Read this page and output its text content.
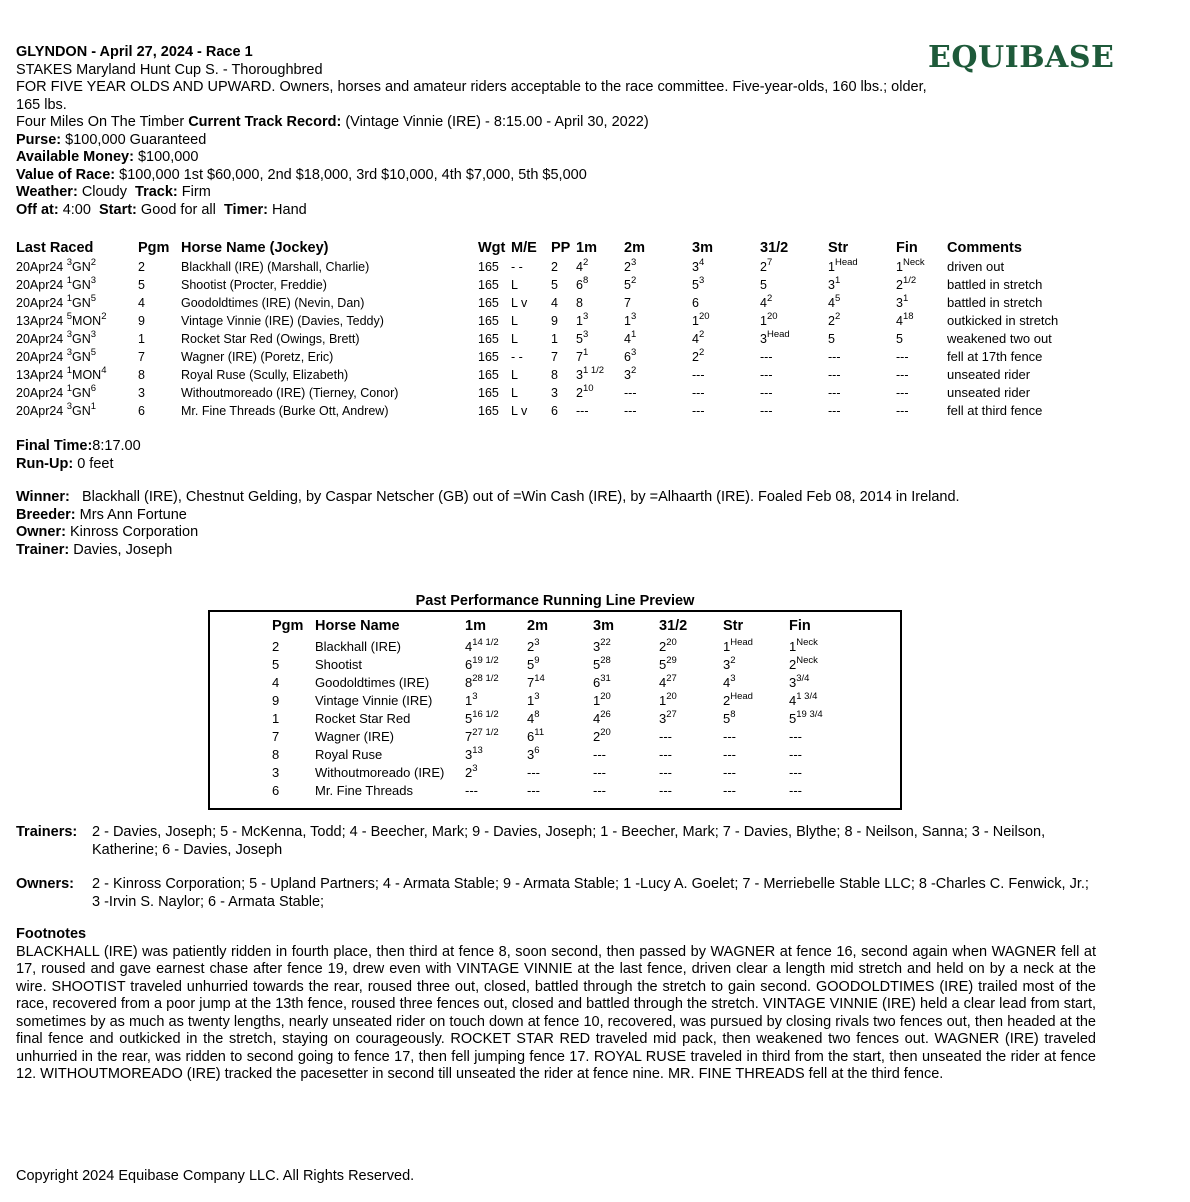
GLYNDON - April 27, 2024 - Race 1
STAKES Maryland Hunt Cup S. - Thoroughbred
FOR FIVE YEAR OLDS AND UPWARD. Owners, horses and amateur riders acceptable to the race committee. Five-year-olds, 160 lbs.; older, 165 lbs.
Four Miles On The Timber Current Track Record: (Vintage Vinnie (IRE) - 8:15.00 - April 30, 2022)
Purse: $100,000 Guaranteed
Available Money: $100,000
Value of Race: $100,000 1st $60,000, 2nd $18,000, 3rd $10,000, 4th $7,000, 5th $5,000
Weather: Cloudy Track: Firm
Off at: 4:00 Start: Good for all Timer: Hand
EQUIBASE
Last Raced	Pgm	Horse Name (Jockey)	Wgt	M/E	PP	1m	2m	3m	31/2	Str	Fin	Comments
20Apr24 $^3GN^2$	2	Blackhall (IRE) (Marshall, Charlie)	165	- -	2	$4^2$	$2^3$	$3^4$	$2^7$	$1^{Head}$	$1^{Neck}$	driven out
20Apr24 $^1GN^3$	5	Shootist (Procter, Freddie)	165	L	5	$6^8$	$5^2$	$5^3$	5	$3^1$	$2^{1/2}$	battled in stretch
20Apr24 $^1GN^5$	4	Goodoldtimes (IRE) (Nevin, Dan)	165	L v	4	8	7	6	$4^2$	$4^5$	$3^1$	battled in stretch
13Apr24 $^5$MON$^2$	9	Vintage Vinnie (IRE) (Davies, Teddy)	165	L	9	$1^3$	$1^3$	$1^{20}$	$1^{20}$	$2^2$	$4^{18}$	outkicked in stretch
20Apr24 $^3GN^3$	1	Rocket Star Red (Owings, Brett)	165	L	1	$5^3$	$4^1$	$4^2$	$3^{Head}$	5	5	weakened two out
20Apr24 $^3GN^5$	7	Wagner (IRE) (Poretz, Eric)	165	- -	7	$7^1$	$6^3$	$2^2$	---	---	---	fell at 17th fence
13Apr24 $^1$MON$^4$	8	Royal Ruse (Scully, Elizabeth)	165	L	8	$3^{1 1/2}$	$3^2$	---	---	---	---	unseated rider
20Apr24 $^1GN^6$	3	Withoutmoreado (IRE) (Tierney, Conor)	165	L	3	$2^{10}$	---	---	---	---	---	unseated rider
20Apr24 $^3GN^1$	6	Mr. Fine Threads (Burke Ott, Andrew)	165	L v	6	---	---	---	---	---	---	fell at third fence
Final Time:8:17.00
Run-Up: 0 feet
Winner: Blackhall (IRE), Chestnut Gelding, by Caspar Netscher (GB) out of =Win Cash (IRE), by =Alhaarth (IRE). Foaled Feb 08, 2014 in Ireland.
Breeder: Mrs Ann Fortune
Owner: Kinross Corporation
Trainer: Davies, Joseph
Past Performance Running Line Preview
Pgm	Horse Name	1m	2m	3m	31/2	Str	Fin
2	Blackhall (IRE)	$4^{14 1/2}$	$2^3$	$3^{22}$	$2^{20}$	$1^{Head}$	$1^{Neck}$
5	Shootist	$6^{19 1/2}$	$5^9$	$5^{28}$	$5^{29}$	$3^2$	$2^{Neck}$
4	Goodoldtimes (IRE)	$8^{28 1/2}$	$7^{14}$	$6^{31}$	$4^{27}$	$4^3$	$3^{3/4}$
9	Vintage Vinnie (IRE)	$1^3$	$1^3$	$1^{20}$	$1^{20}$	$2^{Head}$	$4^{1 3/4}$
1	Rocket Star Red	$5^{16 1/2}$	$4^8$	$4^{26}$	$3^{27}$	$5^8$	$5^{19 3/4}$
7	Wagner (IRE)	$7^{27 1/2}$	$6^{11}$	$2^{20}$	---	---	---
8	Royal Ruse	$3^{13}$	$3^6$	---	---	---	---
3	Withoutmoreado (IRE)	$2^3$	---	---	---	---	---
6	Mr. Fine Threads	---	---	---	---	---	---
Trainers:	2 - Davies, Joseph; 5 - McKenna, Todd; 4 - Beecher, Mark; 9 - Davies, Joseph; 1 - Beecher, Mark; 7 - Davies, Blythe; 8 - Neilson, Sanna; 3 - Neilson, Katherine; 6 - Davies, Joseph
Owners:	2 - Kinross Corporation; 5 - Upland Partners; 4 - Armata Stable; 9 - Armata Stable; 1 -Lucy A. Goelet; 7 - Merriebelle Stable LLC; 8 -Charles C. Fenwick, Jr.; 3 -Irvin S. Naylor; 6 - Armata Stable;
Footnotes
BLACKHALL (IRE) was patiently ridden in fourth place, then third at fence 8, soon second, then passed by WAGNER at fence 16, second again when WAGNER fell at 17, roused and gave earnest chase after fence 19, drew even with VINTAGE VINNIE at the last fence, driven clear a length mid stretch and held on by a neck at the wire. SHOOTIST traveled unhurried towards the rear, roused three out, closed, battled through the stretch to gain second. GOODOLDTIMES (IRE) trailed most of the race, recovered from a poor jump at the 13th fence, roused three fences out, closed and battled through the stretch. VINTAGE VINNIE (IRE) held a clear lead from start, sometimes by as much as twenty lengths, nearly unseated rider on touch down at fence 10, recovered, was pursued by closing rivals two fences out, then headed at the final fence and outkicked in the stretch, staying on courageously. ROCKET STAR RED traveled mid pack, then weakened two fences out. WAGNER (IRE) traveled unhurried in the rear, was ridden to second going to fence 17, then fell jumping fence 17. ROYAL RUSE traveled in third from the start, then unseated the rider at fence 12. WITHOUTMOREADO (IRE) tracked the pacesetter in second till unseated the rider at fence nine. MR. FINE THREADS fell at the third fence.
Copyright 2024 Equibase Company LLC. All Rights Reserved.
